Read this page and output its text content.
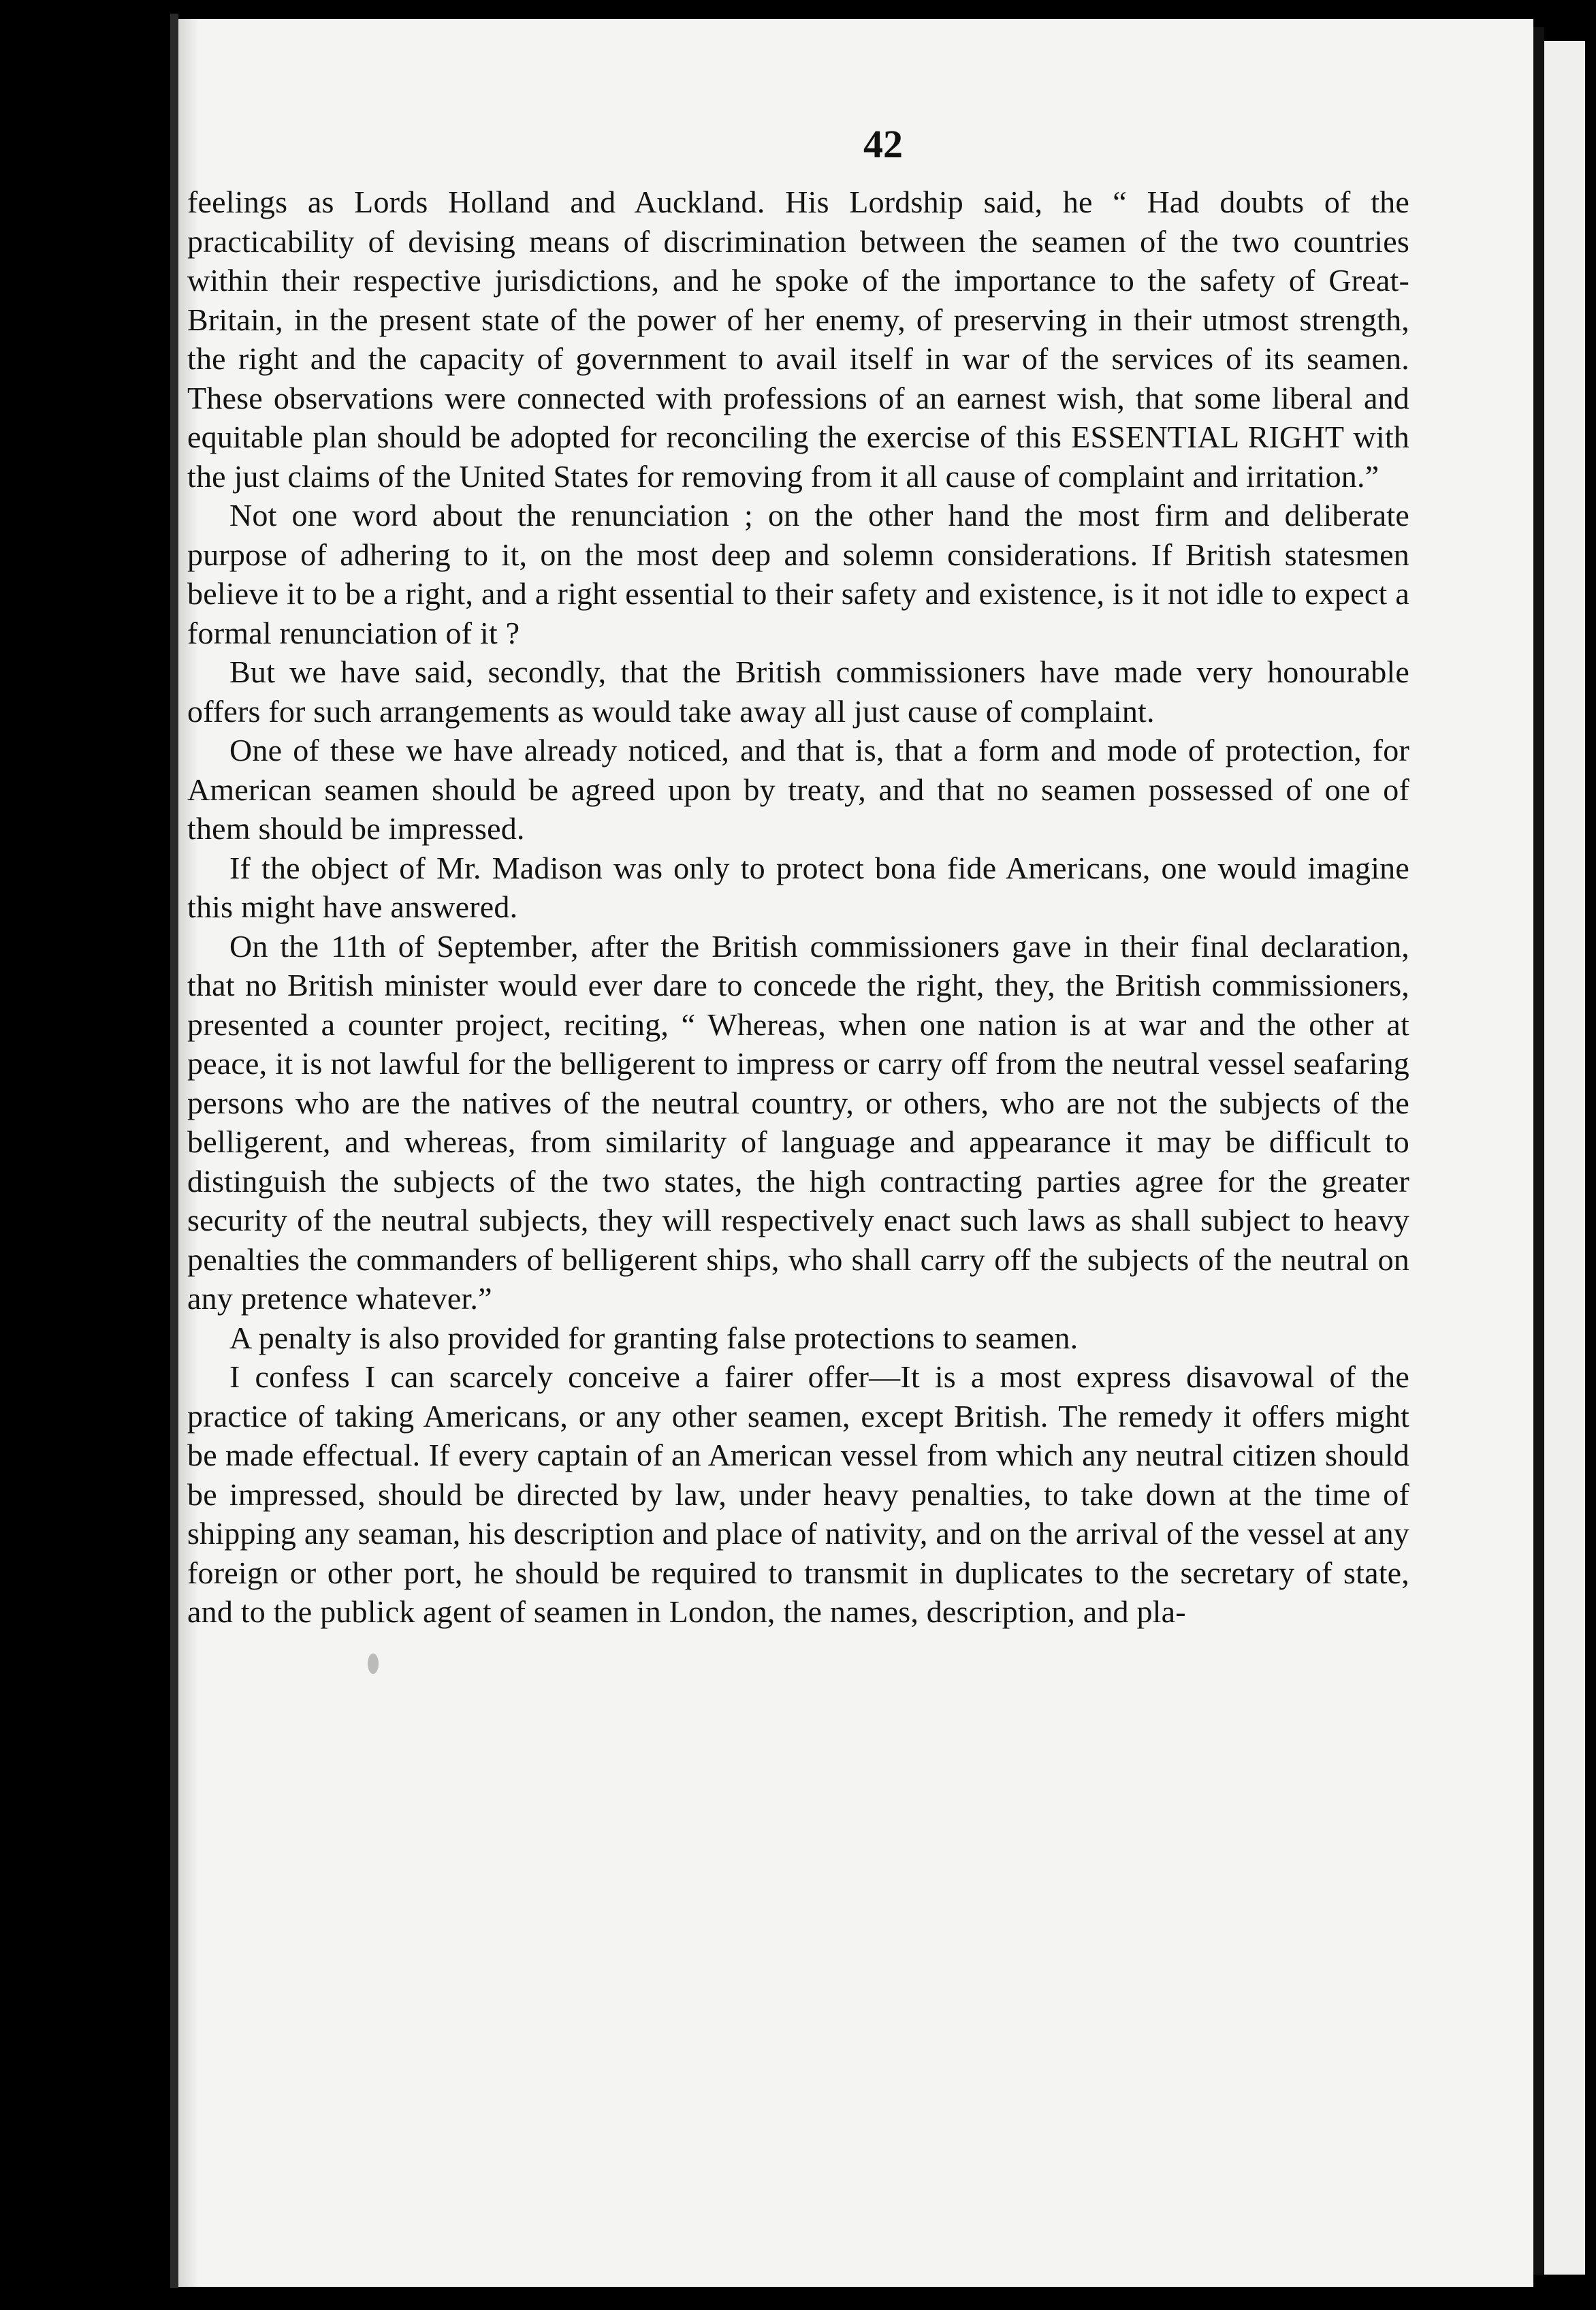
42

feelings as Lords Holland and Auckland. His Lordship said, he “ Had doubts of the practicability of devising means of discrimination between the seamen of the two countries within their respective jurisdictions, and he spoke of the importance to the safety of Great-Britain, in the present state of the power of her enemy, of preserving in their utmost strength, the right and the capacity of government to avail itself in war of the services of its seamen. These observations were connected with professions of an earnest wish, that some liberal and equitable plan should be adopted for reconciling the exercise of this ESSENTIAL RIGHT with the just claims of the United States for removing from it all cause of complaint and irritation.”

Not one word about the renunciation ; on the other hand the most firm and deliberate purpose of adhering to it, on the most deep and solemn considerations. If British statesmen believe it to be a right, and a right essential to their safety and existence, is it not idle to expect a formal renunciation of it ?

But we have said, secondly, that the British commissioners have made very honourable offers for such arrangements as would take away all just cause of complaint.

One of these we have already noticed, and that is, that a form and mode of protection, for American seamen should be agreed upon by treaty, and that no seamen possessed of one of them should be impressed.

If the object of Mr. Madison was only to protect bona fide Americans, one would imagine this might have answered.

On the 11th of September, after the British commissioners gave in their final declaration, that no British minister would ever dare to concede the right, they, the British commissioners, presented a counter project, reciting, “ Whereas, when one nation is at war and the other at peace, it is not lawful for the belligerent to impress or carry off from the neutral vessel seafaring persons who are the natives of the neutral country, or others, who are not the subjects of the belligerent, and whereas, from similarity of language and appearance it may be difficult to distinguish the subjects of the two states, the high contracting parties agree for the greater security of the neutral subjects, they will respectively enact such laws as shall subject to heavy penalties the commanders of belligerent ships, who shall carry off the subjects of the neutral on any pretence whatever.”

A penalty is also provided for granting false protections to seamen.

I confess I can scarcely conceive a fairer offer—It is a most express disavowal of the practice of taking Americans, or any other seamen, except British. The remedy it offers might be made effectual. If every captain of an American vessel from which any neutral citizen should be impressed, should be directed by law, under heavy penalties, to take down at the time of shipping any seaman, his description and place of nativity, and on the arrival of the vessel at any foreign or other port, he should be required to transmit in duplicates to the secretary of state, and to the publick agent of seamen in London, the names, description, and pla-
